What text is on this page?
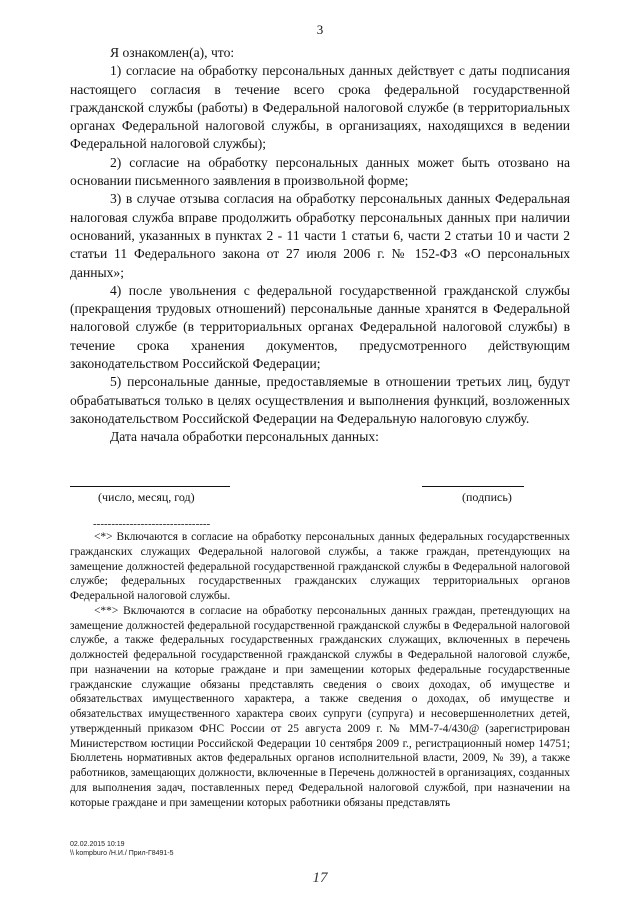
3

Я ознакомлен(а), что:

1) согласие на обработку персональных данных действует с даты подписания настоящего согласия в течение всего срока федеральной государственной гражданской службы (работы) в Федеральной налоговой службе (в территориальных органах Федеральной налоговой службы, в организациях, находящихся в ведении Федеральной налоговой службы);

2) согласие на обработку персональных данных может быть отозвано на основании письменного заявления в произвольной форме;

3) в случае отзыва согласия на обработку персональных данных Федеральная налоговая служба вправе продолжить обработку персональных данных при наличии оснований, указанных в пунктах 2 - 11 части 1 статьи 6, части 2 статьи 10 и части 2 статьи 11 Федерального закона от 27 июля 2006 г. № 152-ФЗ «О персональных данных»;

4) после увольнения с федеральной государственной гражданской службы (прекращения трудовых отношений) персональные данные хранятся в Федеральной налоговой службе (в территориальных органах Федеральной налоговой службы) в течение срока хранения документов, предусмотренного действующим законодательством Российской Федерации;

5) персональные данные, предоставляемые в отношении третьих лиц, будут обрабатываться только в целях осуществления и выполнения функций, возложенных законодательством Российской Федерации на Федеральную налоговую службу.

Дата начала обработки персональных данных:

(число, месяц, год)	(подпись)
--------------------------------

<*> Включаются в согласие на обработку персональных данных федеральных государственных гражданских служащих Федеральной налоговой службы, а также граждан, претендующих на замещение должностей федеральной государственной гражданской службы в Федеральной налоговой службе; федеральных государственных гражданских служащих территориальных органов Федеральной налоговой службы.

<**> Включаются в согласие на обработку персональных данных граждан, претендующих на замещение должностей федеральной государственной гражданской службы в Федеральной налоговой службе, а также федеральных государственных гражданских служащих, включенных в перечень должностей федеральной государственной гражданской службы в Федеральной налоговой службе, при назначении на которые граждане и при замещении которых федеральные государственные гражданские служащие обязаны представлять сведения о своих доходах, об имуществе и обязательствах имущественного характера, а также сведения о доходах, об имуществе и обязательствах имущественного характера своих супруги (супруга) и несовершеннолетних детей, утвержденный приказом ФНС России от 25 августа 2009 г. № ММ-7-4/430@ (зарегистрирован Министерством юстиции Российской Федерации 10 сентября 2009 г., регистрационный номер 14751; Бюллетень нормативных актов федеральных органов исполнительной власти, 2009, № 39), а также работников, замещающих должности, включенные в Перечень должностей в организациях, созданных для выполнения задач, поставленных перед Федеральной налоговой службой, при назначении на которые граждане и при замещении которых работники обязаны представлять

02.02.2015 10:19
\\ kompburo /Н.И./ Прил-Г8491-5
17
